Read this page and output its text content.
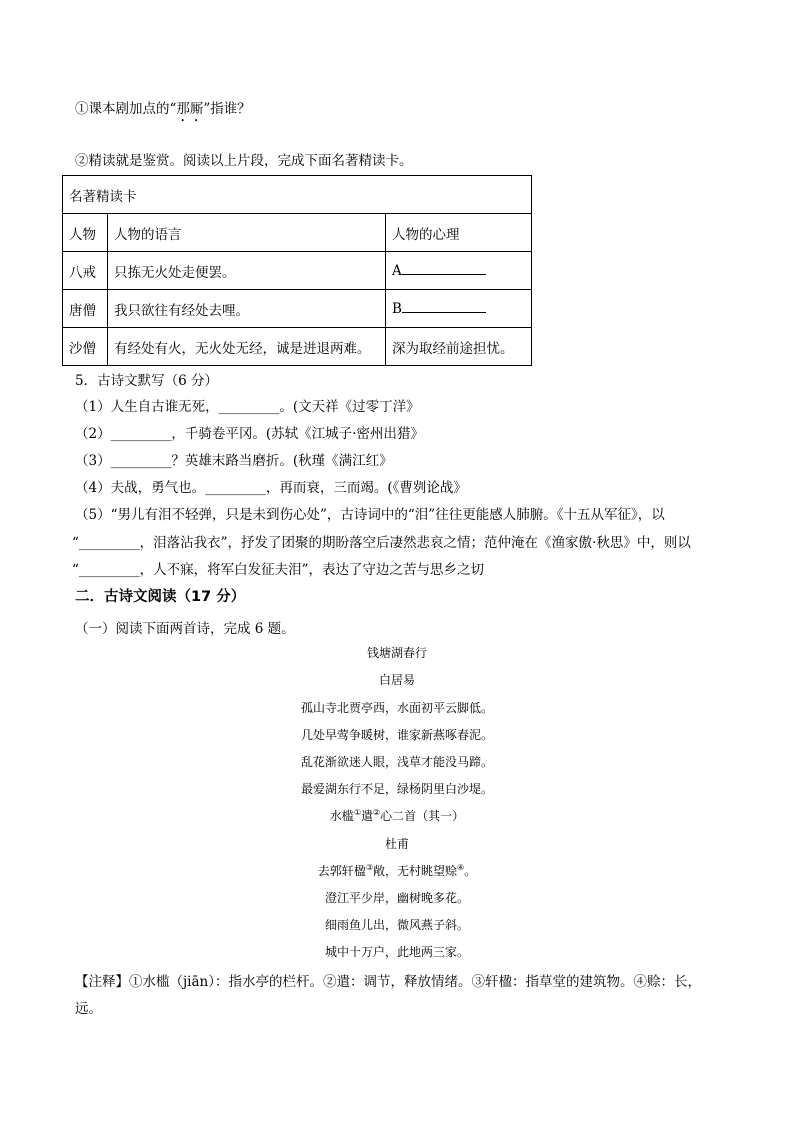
①课本剧加点的“那厮”指谁？
②精读就是鉴赏。阅读以上片段，完成下面名著精读卡。
名著精读卡		
人物	人物的语言	人物的心理
八戒	只拣无火处走便罢。	A
唐僧	我只欲往有经处去哩。	B
沙僧	有经处有火，无火处无经，诚是进退两难。	深为取经前途担忧。
5．古诗文默写（6 分）
（1）人生自古谁无死，_________。(文天祥《过零丁洋》
（2）_________，千骑卷平冈。(苏轼《江城子·密州出猎》
（3）_________？英雄末路当磨折。(秋瑾《满江红》
（4）夫战，勇气也。_________，再而衰，三而竭。(《曹刿论战》
（5）“男儿有泪不轻弹，只是未到伤心处”，古诗词中的“泪”往往更能感人肺腑。《十五从军征》，以
“_________，泪落沾我衣”，抒发了团聚的期盼落空后凄然悲哀之情；范仲淹在《渔家傲·秋思》中，则以
“_________，人不寐，将军白发征夫泪”，表达了守边之苦与思乡之切
二．古诗文阅读（17 分）
（一）阅读下面两首诗，完成 6 题。
钱塘湖春行
白居易
孤山寺北贾亭西，水面初平云脚低。
几处早莺争暖树，谁家新燕啄春泥。
乱花渐欲迷人眼，浅草才能没马蹄。
最爱湖东行不足，绿杨阴里白沙堤。
水槛①遣②心二首（其一）
杜甫
去郭轩楹③敞，无村眺望赊④。
澄江平少岸，幽树晚多花。
细雨鱼儿出，微风燕子斜。
城中十万户，此地两三家。
【注释】①水槛（jiān）：指水亭的栏杆。②遣：调节，释放情绪。③轩楹：指草堂的建筑物。④赊：长，
远。
